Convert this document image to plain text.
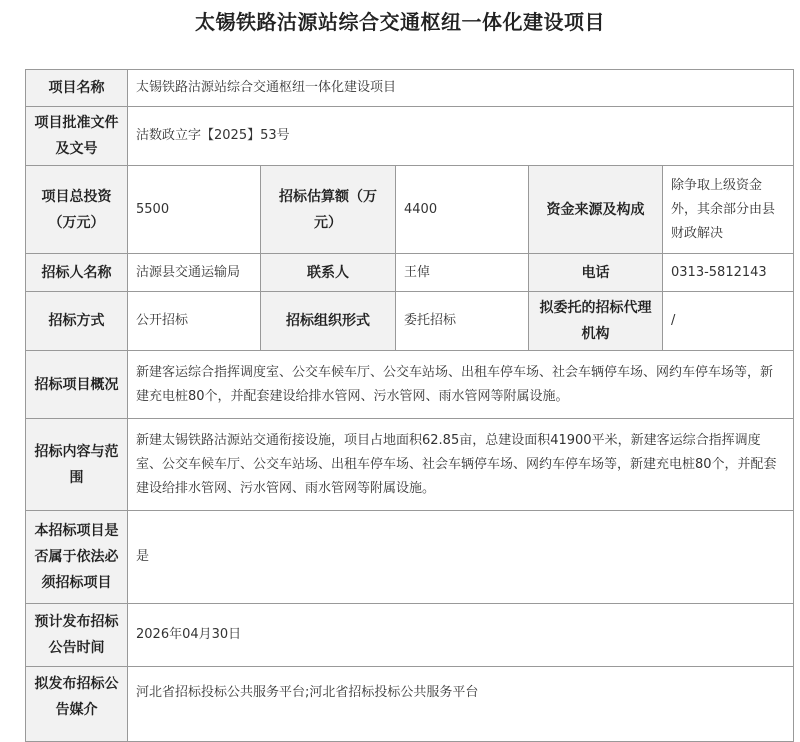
太锡铁路沽源站综合交通枢纽一体化建设项目
项目名称	太锡铁路沽源站综合交通枢纽一体化建设项目				
项目批准文件及文号	沽数政立字【2025】53号				
项目总投资（万元）	5500	招标估算额（万元）	4400	资金来源及构成	除争取上级资金外，其余部分由县财政解决
招标人名称	沽源县交通运输局	联系人	王倬	电话	0313-5812143
招标方式	公开招标	招标组织形式	委托招标	拟委托的招标代理机构	/
招标项目概况	新建客运综合指挥调度室、公交车候车厅、公交车站场、出租车停车场、社会车辆停车场、网约车停车场等，新建充电桩80个，并配套建设给排水管网、污水管网、雨水管网等附属设施。				
招标内容与范围	新建太锡铁路沽源站交通衔接设施，项目占地面积62.85亩，总建设面积41900平米，新建客运综合指挥调度室、公交车候车厅、公交车站场、出租车停车场、社会车辆停车场、网约车停车场等，新建充电桩80个，并配套建设给排水管网、污水管网、雨水管网等附属设施。				
本招标项目是否属于依法必须招标项目	是				
预计发布招标公告时间	2026年04月30日				
拟发布招标公告媒介	河北省招标投标公共服务平台;河北省招标投标公共服务平台				
